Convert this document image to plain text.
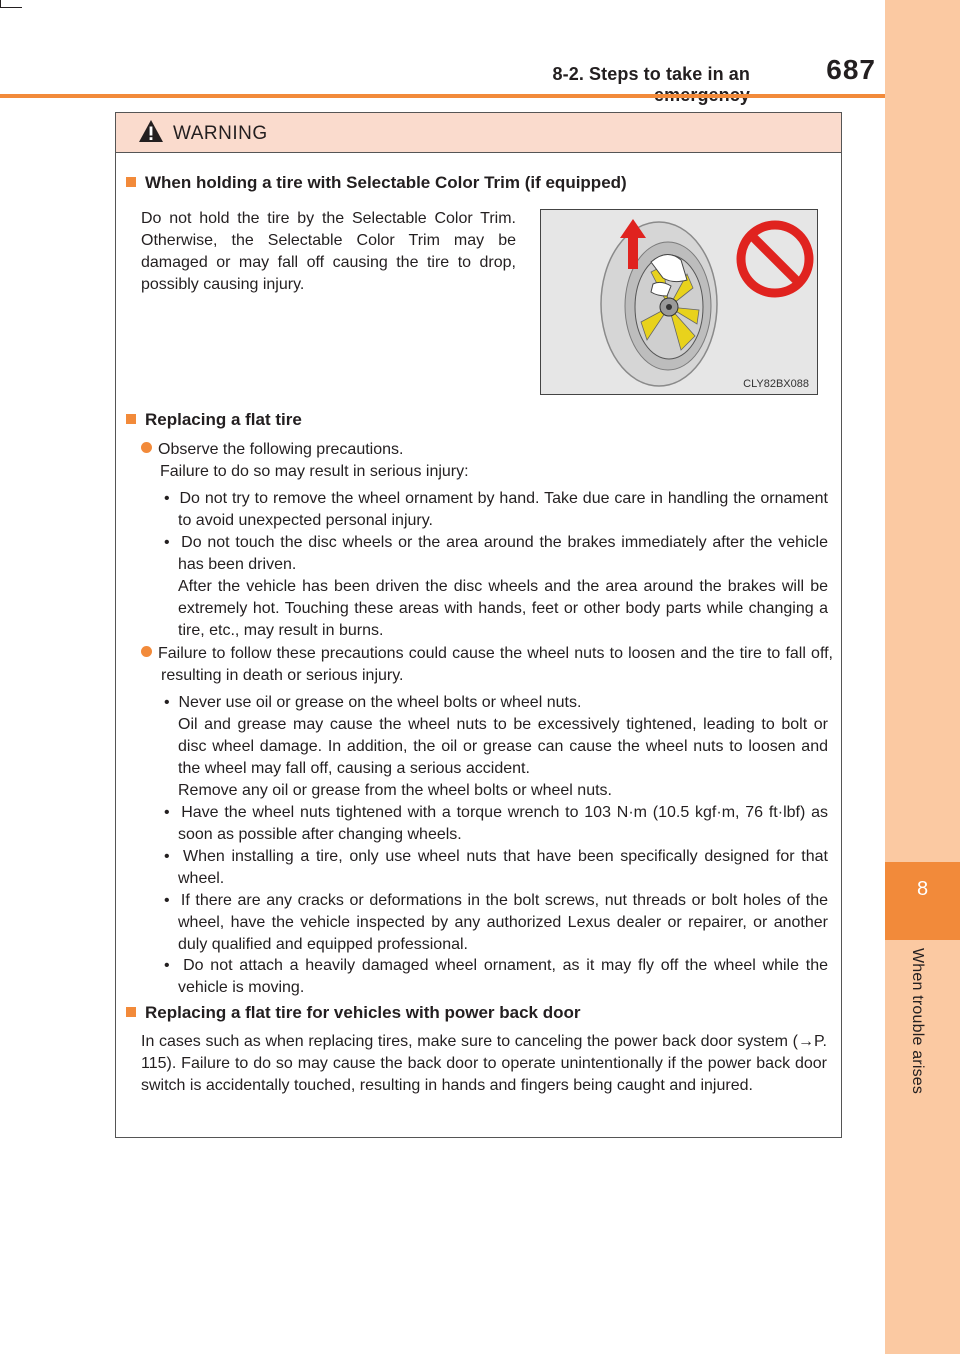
8-2. Steps to take in an	687
8
When trouble arises
WARNING
When holding a tire with Selectable Color Trim (if equipped)
Do not hold the tire by the Selectable Color Trim. Otherwise, the Selectable Color Trim may be damaged or may fall off causing the tire to drop, possibly causing injury.
CLY82BX088
Replacing a flat tire
Observe the following precautions.
Failure to do so may result in serious injury:
•  Do not try to remove the wheel ornament by hand. Take due care in handling the ornament to avoid unexpected personal injury.
•  Do not touch the disc wheels or the area around the brakes immediately after the vehicle has been driven.
After the vehicle has been driven the disc wheels and the area around the brakes will be extremely hot. Touching these areas with hands, feet or other body parts while changing a tire, etc., may result in burns.
Failure to follow these precautions could cause the wheel nuts to loosen and the tire to fall off, resulting in death or serious injury.
•  Never use oil or grease on the wheel bolts or wheel nuts.
Oil and grease may cause the wheel nuts to be excessively tightened, leading to bolt or disc wheel damage. In addition, the oil or grease can cause the wheel nuts to loosen and the wheel may fall off, causing a serious accident.
Remove any oil or grease from the wheel bolts or wheel nuts.
•  Have the wheel nuts tightened with a torque wrench to 103 N·m (10.5 kgf·m, 76 ft·lbf) as soon as possible after changing wheels.
•  When installing a tire, only use wheel nuts that have been specifically designed for that wheel.
•  If there are any cracks or deformations in the bolt screws, nut threads or bolt holes of the wheel, have the vehicle inspected by any authorized Lexus dealer or repairer, or another duly qualified and equipped professional.
•  Do not attach a heavily damaged wheel ornament, as it may fly off the wheel while the vehicle is moving.
Replacing a flat tire for vehicles with power back door
In cases such as when replacing tires, make sure to canceling the power back door system (→P. 115). Failure to do so may cause the back door to operate unintentionally if the power back door switch is accidentally touched, resulting in hands and fingers being caught and injured.
